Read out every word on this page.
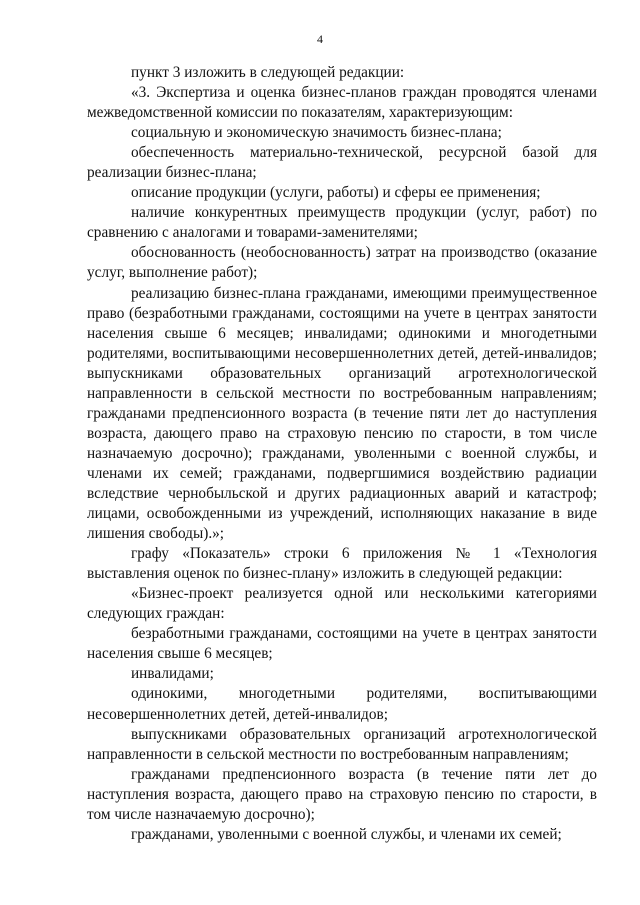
4

пункт 3 изложить в следующей редакции:

«3. Экспертиза и оценка бизнес-планов граждан проводятся членами межведомственной комиссии по показателям, характеризующим:

социальную и экономическую значимость бизнес-плана;

обеспеченность материально-технической, ресурсной базой для реализации бизнес-плана;

описание продукции (услуги, работы) и сферы ее применения;

наличие конкурентных преимуществ продукции (услуг, работ) по сравнению с аналогами и товарами-заменителями;

обоснованность (необоснованность) затрат на производство (оказание услуг, выполнение работ);

реализацию бизнес-плана гражданами, имеющими преимущественное право (безработными гражданами, состоящими на учете в центрах занятости населения свыше 6 месяцев; инвалидами; одинокими и многодетными родителями, воспитывающими несовершеннолетних детей, детей-инвалидов; выпускниками образовательных организаций агротехнологической направленности в сельской местности по востребованным направлениям; гражданами предпенсионного возраста (в течение пяти лет до наступления возраста, дающего право на страховую пенсию по старости, в том числе назначаемую досрочно); гражданами, уволенными с военной службы, и членами их семей; гражданами, подвергшимися воздействию радиации вследствие чернобыльской и других радиационных аварий и катастроф; лицами, освобожденными из учреждений, исполняющих наказание в виде лишения свободы).»;

графу «Показатель» строки 6 приложения № 1 «Технология выставления оценок по бизнес-плану» изложить в следующей редакции:

«Бизнес-проект реализуется одной или несколькими категориями следующих граждан:

безработными гражданами, состоящими на учете в центрах занятости населения свыше 6 месяцев;

инвалидами;

одинокими, многодетными родителями, воспитывающими несовершеннолетних детей, детей-инвалидов;

выпускниками образовательных организаций агротехнологической направленности в сельской местности по востребованным направлениям;

гражданами предпенсионного возраста (в течение пяти лет до наступления возраста, дающего право на страховую пенсию по старости, в том числе назначаемую досрочно);

гражданами, уволенными с военной службы, и членами их семей;
